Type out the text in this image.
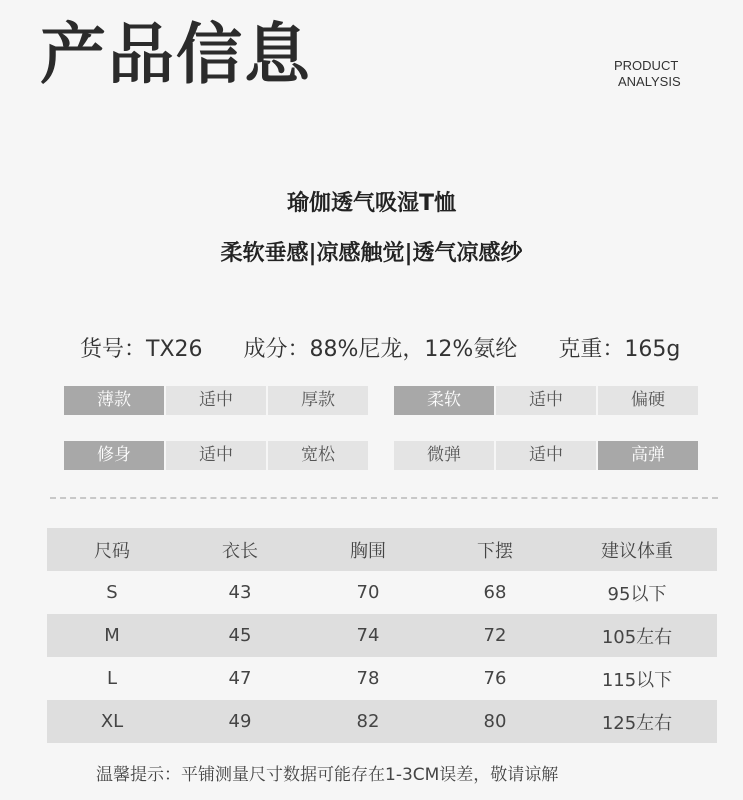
产品信息	PRODUCT
ANALYSIS
瑜伽透气吸湿T恤
柔软垂感|凉感触觉|透气凉感纱
货号：TX26 成分：88%尼龙，12%氨纶 克重：165g
薄款	适中	厚款	柔软	适中	偏硬
修身	适中	宽松	微弹	适中	高弹
尺码	衣长	胸围	下摆	建议体重
S	43	70	68	95以下
M	45	74	72	105左右
L	47	78	76	115以下
XL	49	82	80	125左右
温馨提示：平铺测量尺寸数据可能存在1-3CM误差，敬请谅解
